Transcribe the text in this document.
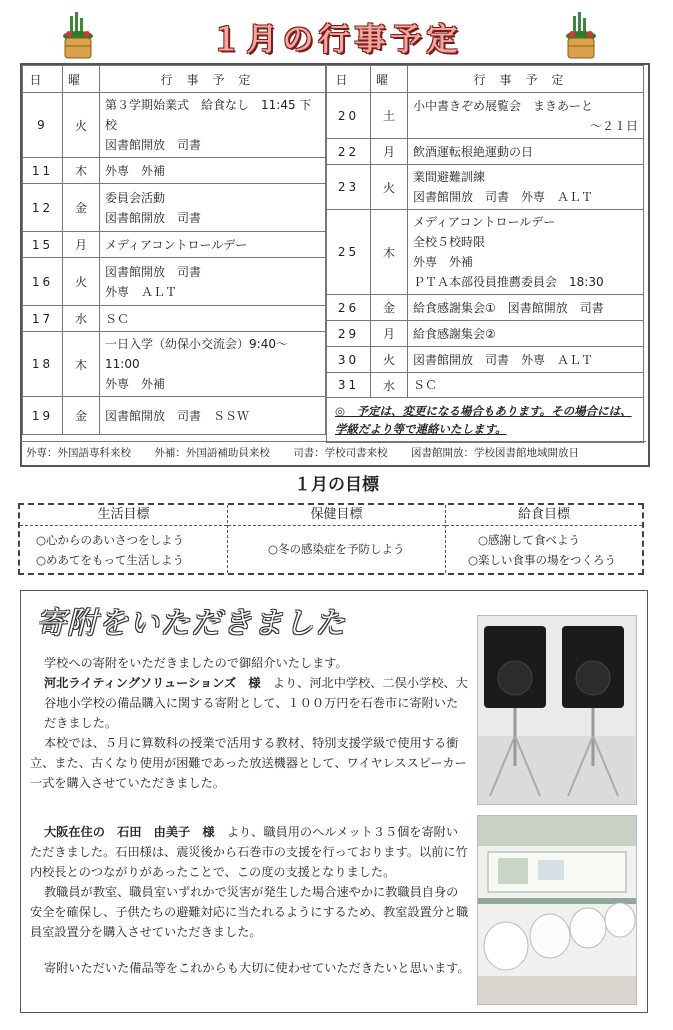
１月の行事予定
日	曜	行事予定
9	火	第３学期始業式　給食なし　11:45 下校
図書館開放　司書

11	木	外専　外補

12	金	委員会活動
図書館開放　司書

15	月	メディアコントロールデー

16	火	図書館開放　司書
外専　ＡＬＴ

17	水	ＳＣ

18	木	一日入学（幼保小交流会）9:40～11:00
外専　外補

19	金	図書館開放　司書　ＳＳＷ
日	曜	行事予定
20	土	小中書きぞめ展覧会　まきあーと
～２１日

22	月	飲酒運転根絶運動の日

23	火	業間避難訓練
図書館開放　司書　外専　ＡＬＴ

25	木	メディアコントロールデー
全校５校時限
外専　外補
ＰＴＡ本部役員推薦委員会　18:30

26	金	給食感謝集会①　図書館開放　司書

29	月	給食感謝集会②

30	火	図書館開放　司書　外専　ＡＬＴ

31	水	ＳＣ

◎　予定は、変更になる場合もあります。その場合には、学級だより等で連絡いたします。		
外専：外国語専科来校 外補：外国語補助員来校 司書：学校司書来校 図書館開放：学校図書館地域開放日
１月の目標
生活目標
○心からのあいさつをしよう
○めあてをもって生活しよう
保健目標
○冬の感染症を予防しよう
給食目標
○感謝して食べよう
○楽しい食事の場をつくろう
寄附をいただきました
学校への寄附をいただきましたので御紹介いたします。
河北ライティングソリューションズ　様　 より、河北中学校、二俣小学校、大谷地小学校の備品購入に関する寄附として、１００万円を石巻市に寄附いただきました。
本校では、５月に算数科の授業で活用する教材、特別支援学級で使用する衝立、また、古くなり使用が困難であった放送機器として、ワイヤレススピーカー一式を購入させていただきました。
大阪在住の　石田　由美子　様　 より、職員用のヘルメット３５個を寄附いただきました。石田様は、震災後から石巻市の支援を行っております。以前に竹内校長とのつながりがあったことで、この度の支援となりました。
教職員が教室、職員室いずれかで災害が発生した場合速やかに教職員自身の安全を確保し、子供たちの避難対応に当たれるようにするため、教室設置分と職員室設置分を購入させていただきました。
寄附いただいた備品等をこれからも大切に使わせていただきたいと思います。
